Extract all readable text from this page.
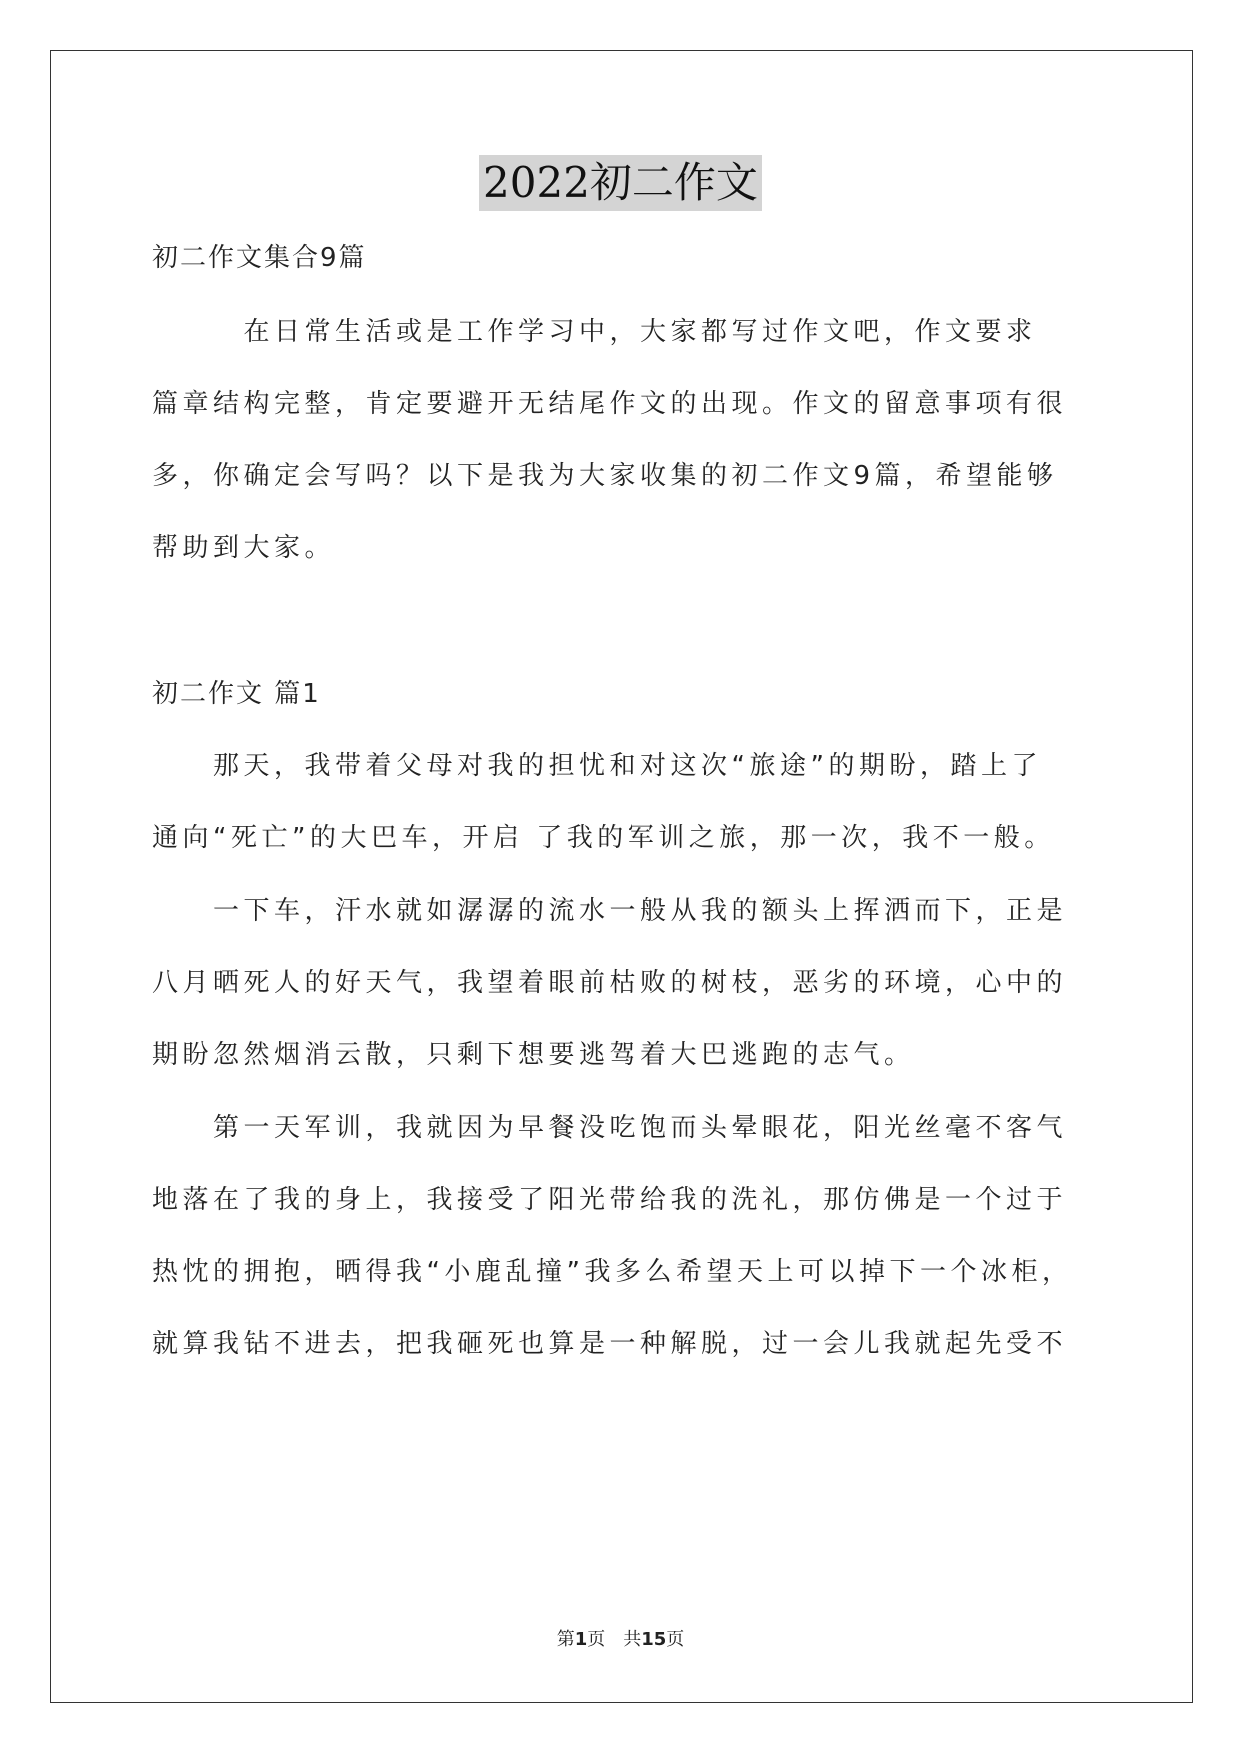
2022初二作文
初二作文集合9篇
　　　在日常生活或是工作学习中，大家都写过作文吧，作文要求
篇章结构完整，肯定要避开无结尾作文的出现。作文的留意事项有很
多，你确定会写吗？以下是我为大家收集的初二作文9篇，希望能够
帮助到大家。
初二作文 篇1
　　那天，我带着父母对我的担忧和对这次“旅途”的期盼，踏上了
通向“死亡”的大巴车，开启 了我的军训之旅，那一次，我不一般。
　　一下车，汗水就如潺潺的流水一般从我的额头上挥洒而下，正是
八月晒死人的好天气，我望着眼前枯败的树枝，恶劣的环境，心中的
期盼忽然烟消云散，只剩下想要逃驾着大巴逃跑的志气。
　　第一天军训，我就因为早餐没吃饱而头晕眼花，阳光丝毫不客气
地落在了我的身上，我接受了阳光带给我的洗礼，那仿佛是一个过于
热忱的拥抱，晒得我“小鹿乱撞”我多么希望天上可以掉下一个冰柜，
就算我钻不进去，把我砸死也算是一种解脱，过一会儿我就起先受不
第1页　共15页
